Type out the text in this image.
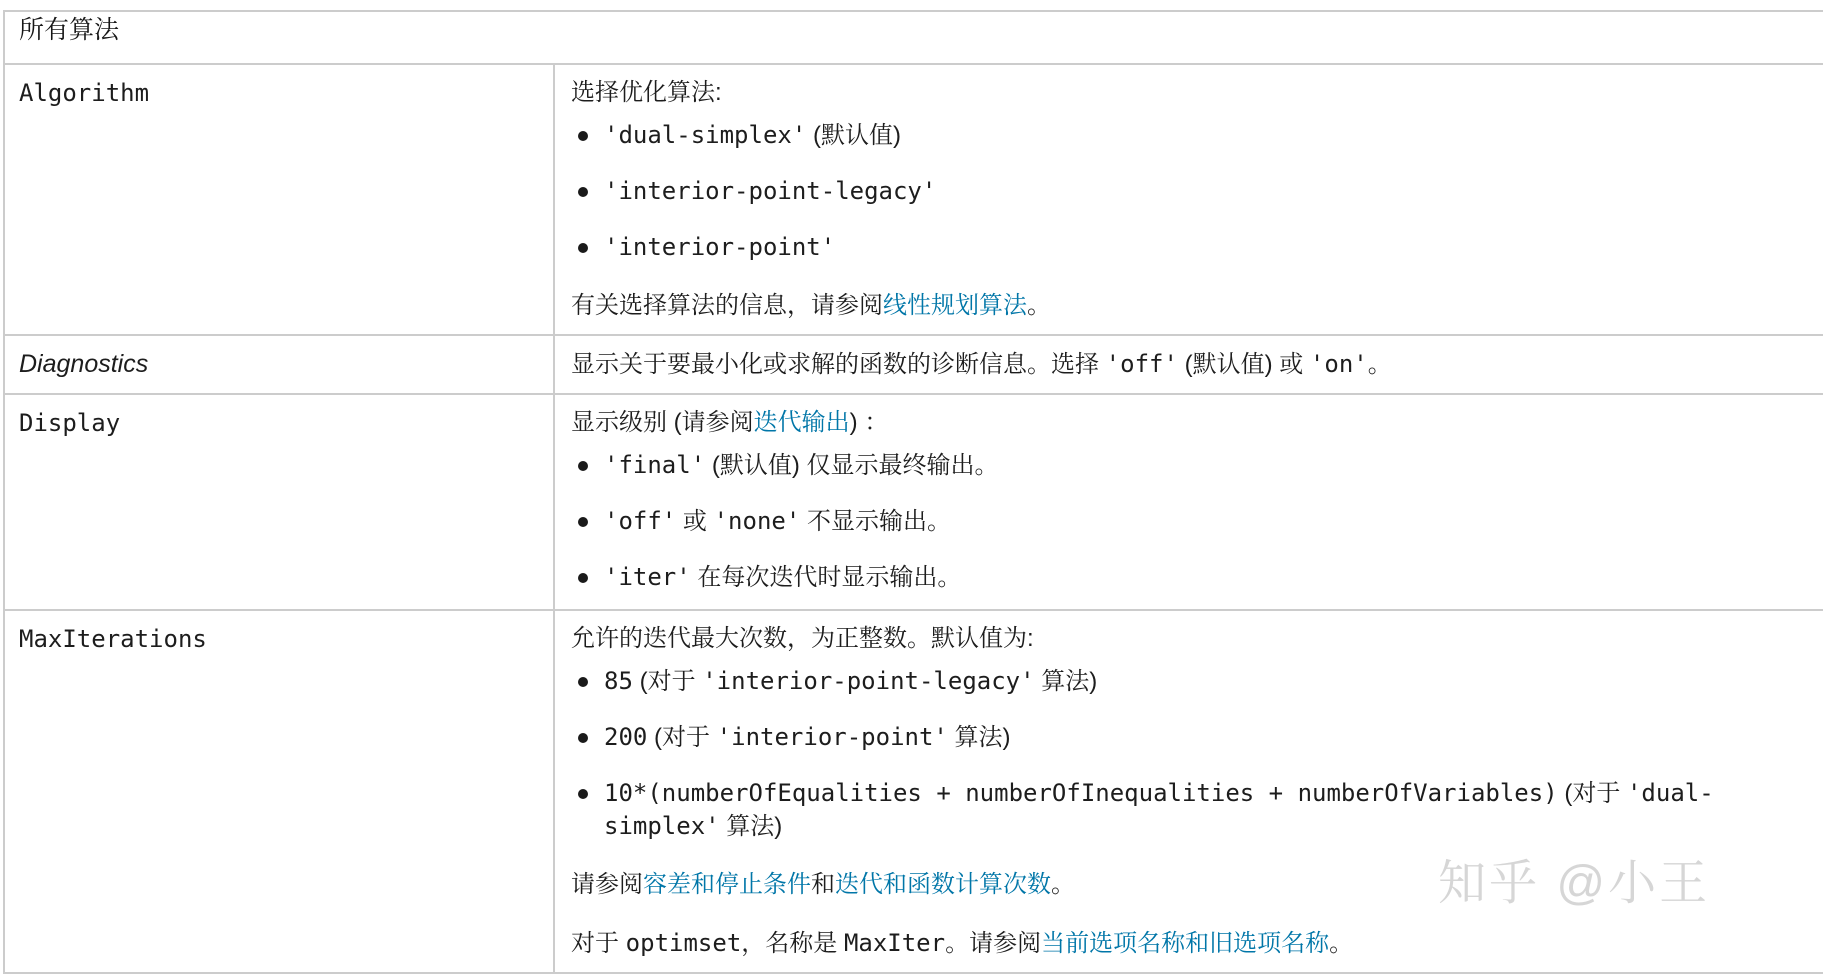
所有算法	
Algorithm	选择优化算法:

'dual-simplex' (默认值)
'interior-point-legacy'
'interior-point'

有关选择算法的信息，请参阅线性规划算法。

Diagnostics	显示关于要最小化或求解的函数的诊断信息。选择 'off' (默认值) 或 'on'。

Display	显示级别 (请参阅迭代输出) ：

'final' (默认值) 仅显示最终输出。
'off' 或 'none' 不显示输出。
'iter' 在每次迭代时显示输出。

MaxIterations	允许的迭代最大次数，为正整数。默认值为:

85 (对于 'interior-point-legacy' 算法)
200 (对于 'interior-point' 算法)
10*(numberOfEqualities + numberOfInequalities + numberOfVariables) (对于 'dual-simplex' 算法)

请参阅容差和停止条件和迭代和函数计算次数。

对于 optimset，名称是 MaxIter。请参阅当前选项名称和旧选项名称。

知乎 @小王
